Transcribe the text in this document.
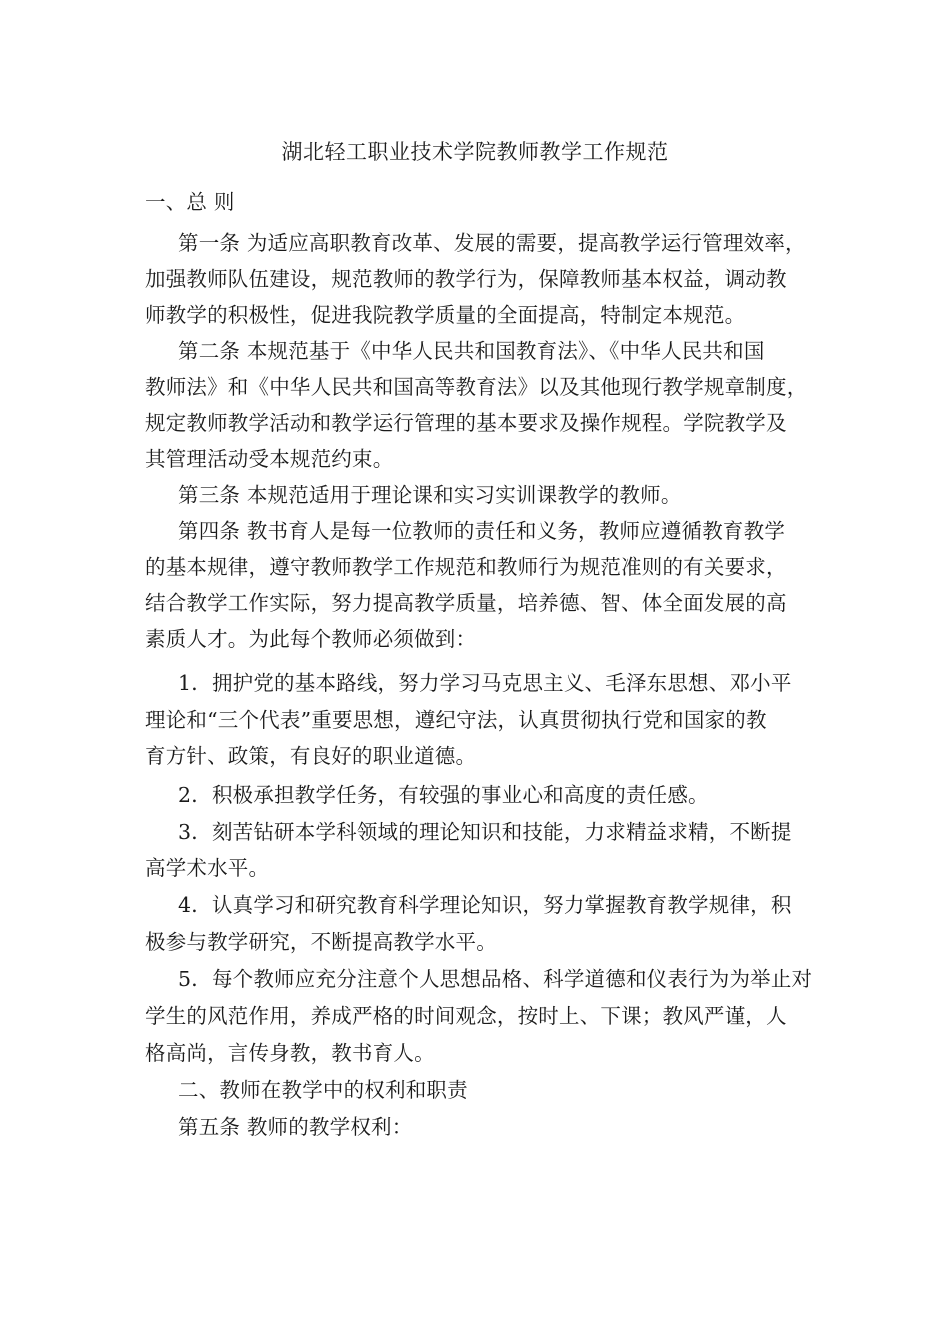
湖北轻工职业技术学院教师教学工作规范
一、总 则
第一条 为适应高职教育改革、发展的需要，提高教学运行管理效率，
加强教师队伍建设，规范教师的教学行为，保障教师基本权益，调动教
师教学的积极性，促进我院教学质量的全面提高，特制定本规范。
第二条 本规范基于《中华人民共和国教育法》、《中华人民共和国
教师法》和《中华人民共和国高等教育法》以及其他现行教学规章制度，
规定教师教学活动和教学运行管理的基本要求及操作规程。学院教学及
其管理活动受本规范约束。
第三条 本规范适用于理论课和实习实训课教学的教师。
第四条 教书育人是每一位教师的责任和义务，教师应遵循教育教学
的基本规律，遵守教师教学工作规范和教师行为规范准则的有关要求，
结合教学工作实际，努力提高教学质量，培养德、智、体全面发展的高
素质人才。为此每个教师必须做到：
1．拥护党的基本路线，努力学习马克思主义、毛泽东思想、邓小平
理论和“三个代表”重要思想，遵纪守法，认真贯彻执行党和国家的教
育方针、政策，有良好的职业道德。
2．积极承担教学任务，有较强的事业心和高度的责任感。
3．刻苦钻研本学科领域的理论知识和技能，力求精益求精，不断提
高学术水平。
4．认真学习和研究教育科学理论知识，努力掌握教育教学规律，积
极参与教学研究，不断提高教学水平。
5．每个教师应充分注意个人思想品格、科学道德和仪表行为为举止对
学生的风范作用，养成严格的时间观念，按时上、下课；教风严谨，人
格高尚，言传身教，教书育人。
二、教师在教学中的权利和职责
第五条 教师的教学权利：
